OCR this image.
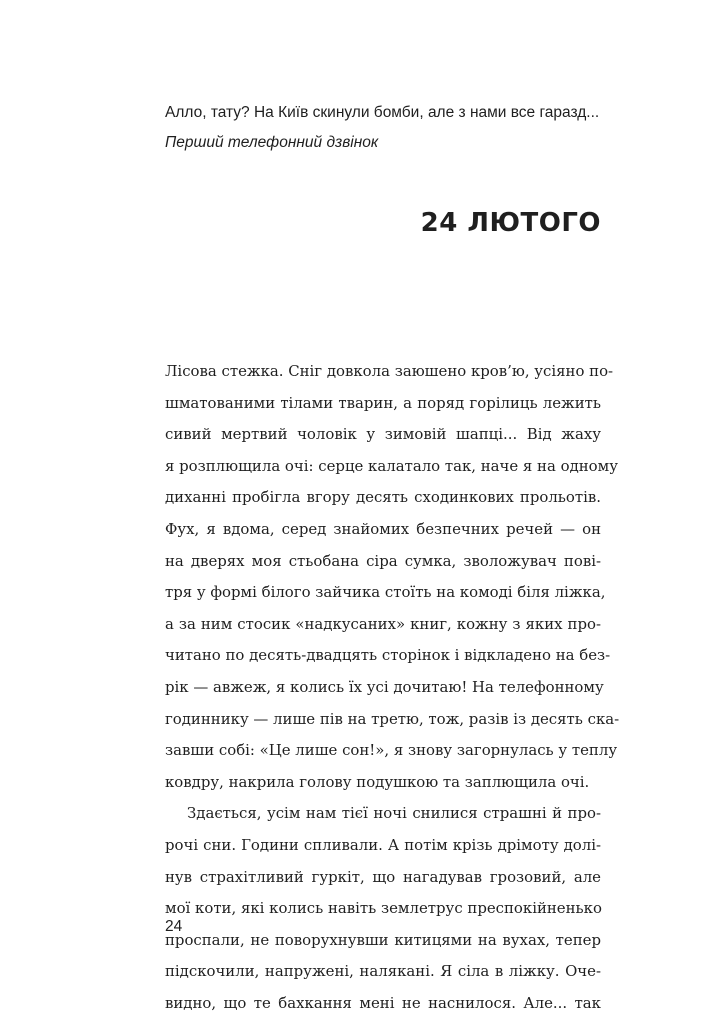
Алло, тату? На Київ скинули бомби, але з нами все гаразд...
Перший телефонний дзвінок
24 ЛЮТОГО
Лісова стежка. Сніг довкола заюшено кров’ю, усіяно по-
шматованими тілами тварин, а поряд горілиць лежить
сивий мертвий чоловік у зимовій шапці... Від жаху
я розплющила очі: серце калатало так, наче я на одному
диханні пробігла вгору десять сходинкових прольотів.
Фух, я вдома, серед знайомих безпечних речей — он
на дверях моя стьобана сіра сумка, зволожувач пові-
тря у формі білого зайчика стоїть на комоді біля ліжка,
а за ним стосик «надкусаних» книг, кожну з яких про-
читано по десять-двадцять сторінок і відкладено на без-
рік — авжеж, я колись їх усі дочитаю! На телефонному
годиннику — лише пів на третю, тож, разів із десять ска-
завши собі: «Це лише сон!», я знову загорнулась у теплу
ковдру, накрила голову подушкою та заплющила очі.
Здається, усім нам тієї ночі снилися страшні й про-
рочі сни. Години спливали. А потім крізь дрімоту долі-
нув страхітливий гуркіт, що нагадував грозовий, але
мої коти, які колись навіть землетрус преспокійненько
проспали, не поворухнувши китицями на вухах, тепер
підскочили, напружені, налякані. Я сіла в ліжку. Оче-
видно, що те бахкання мені не наснилося. Але... так
24
